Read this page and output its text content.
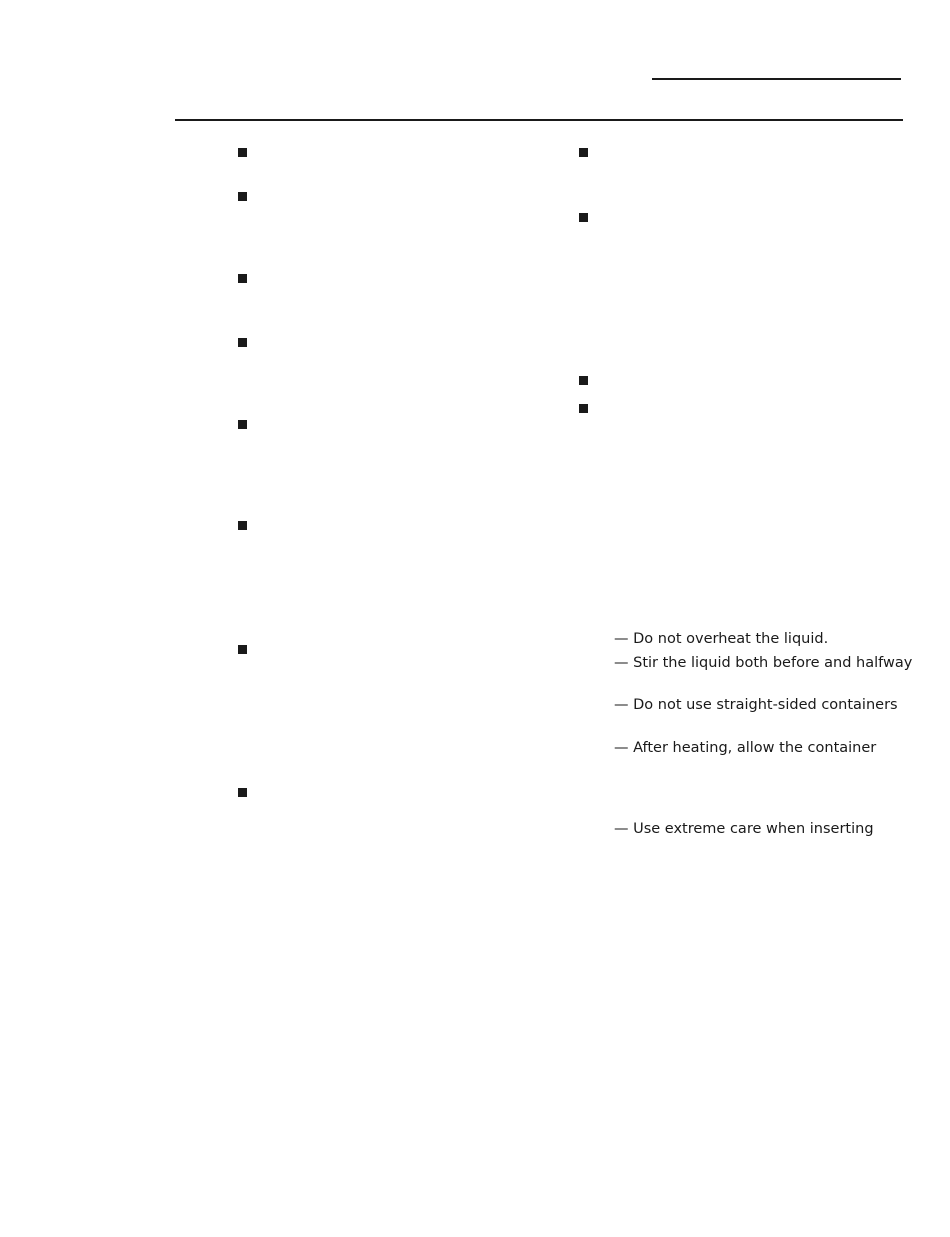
— Do not overheat the liquid.
— Stir the liquid both before and halfway
— Do not use straight-sided containers
— After heating, allow the container
— Use extreme care when inserting
